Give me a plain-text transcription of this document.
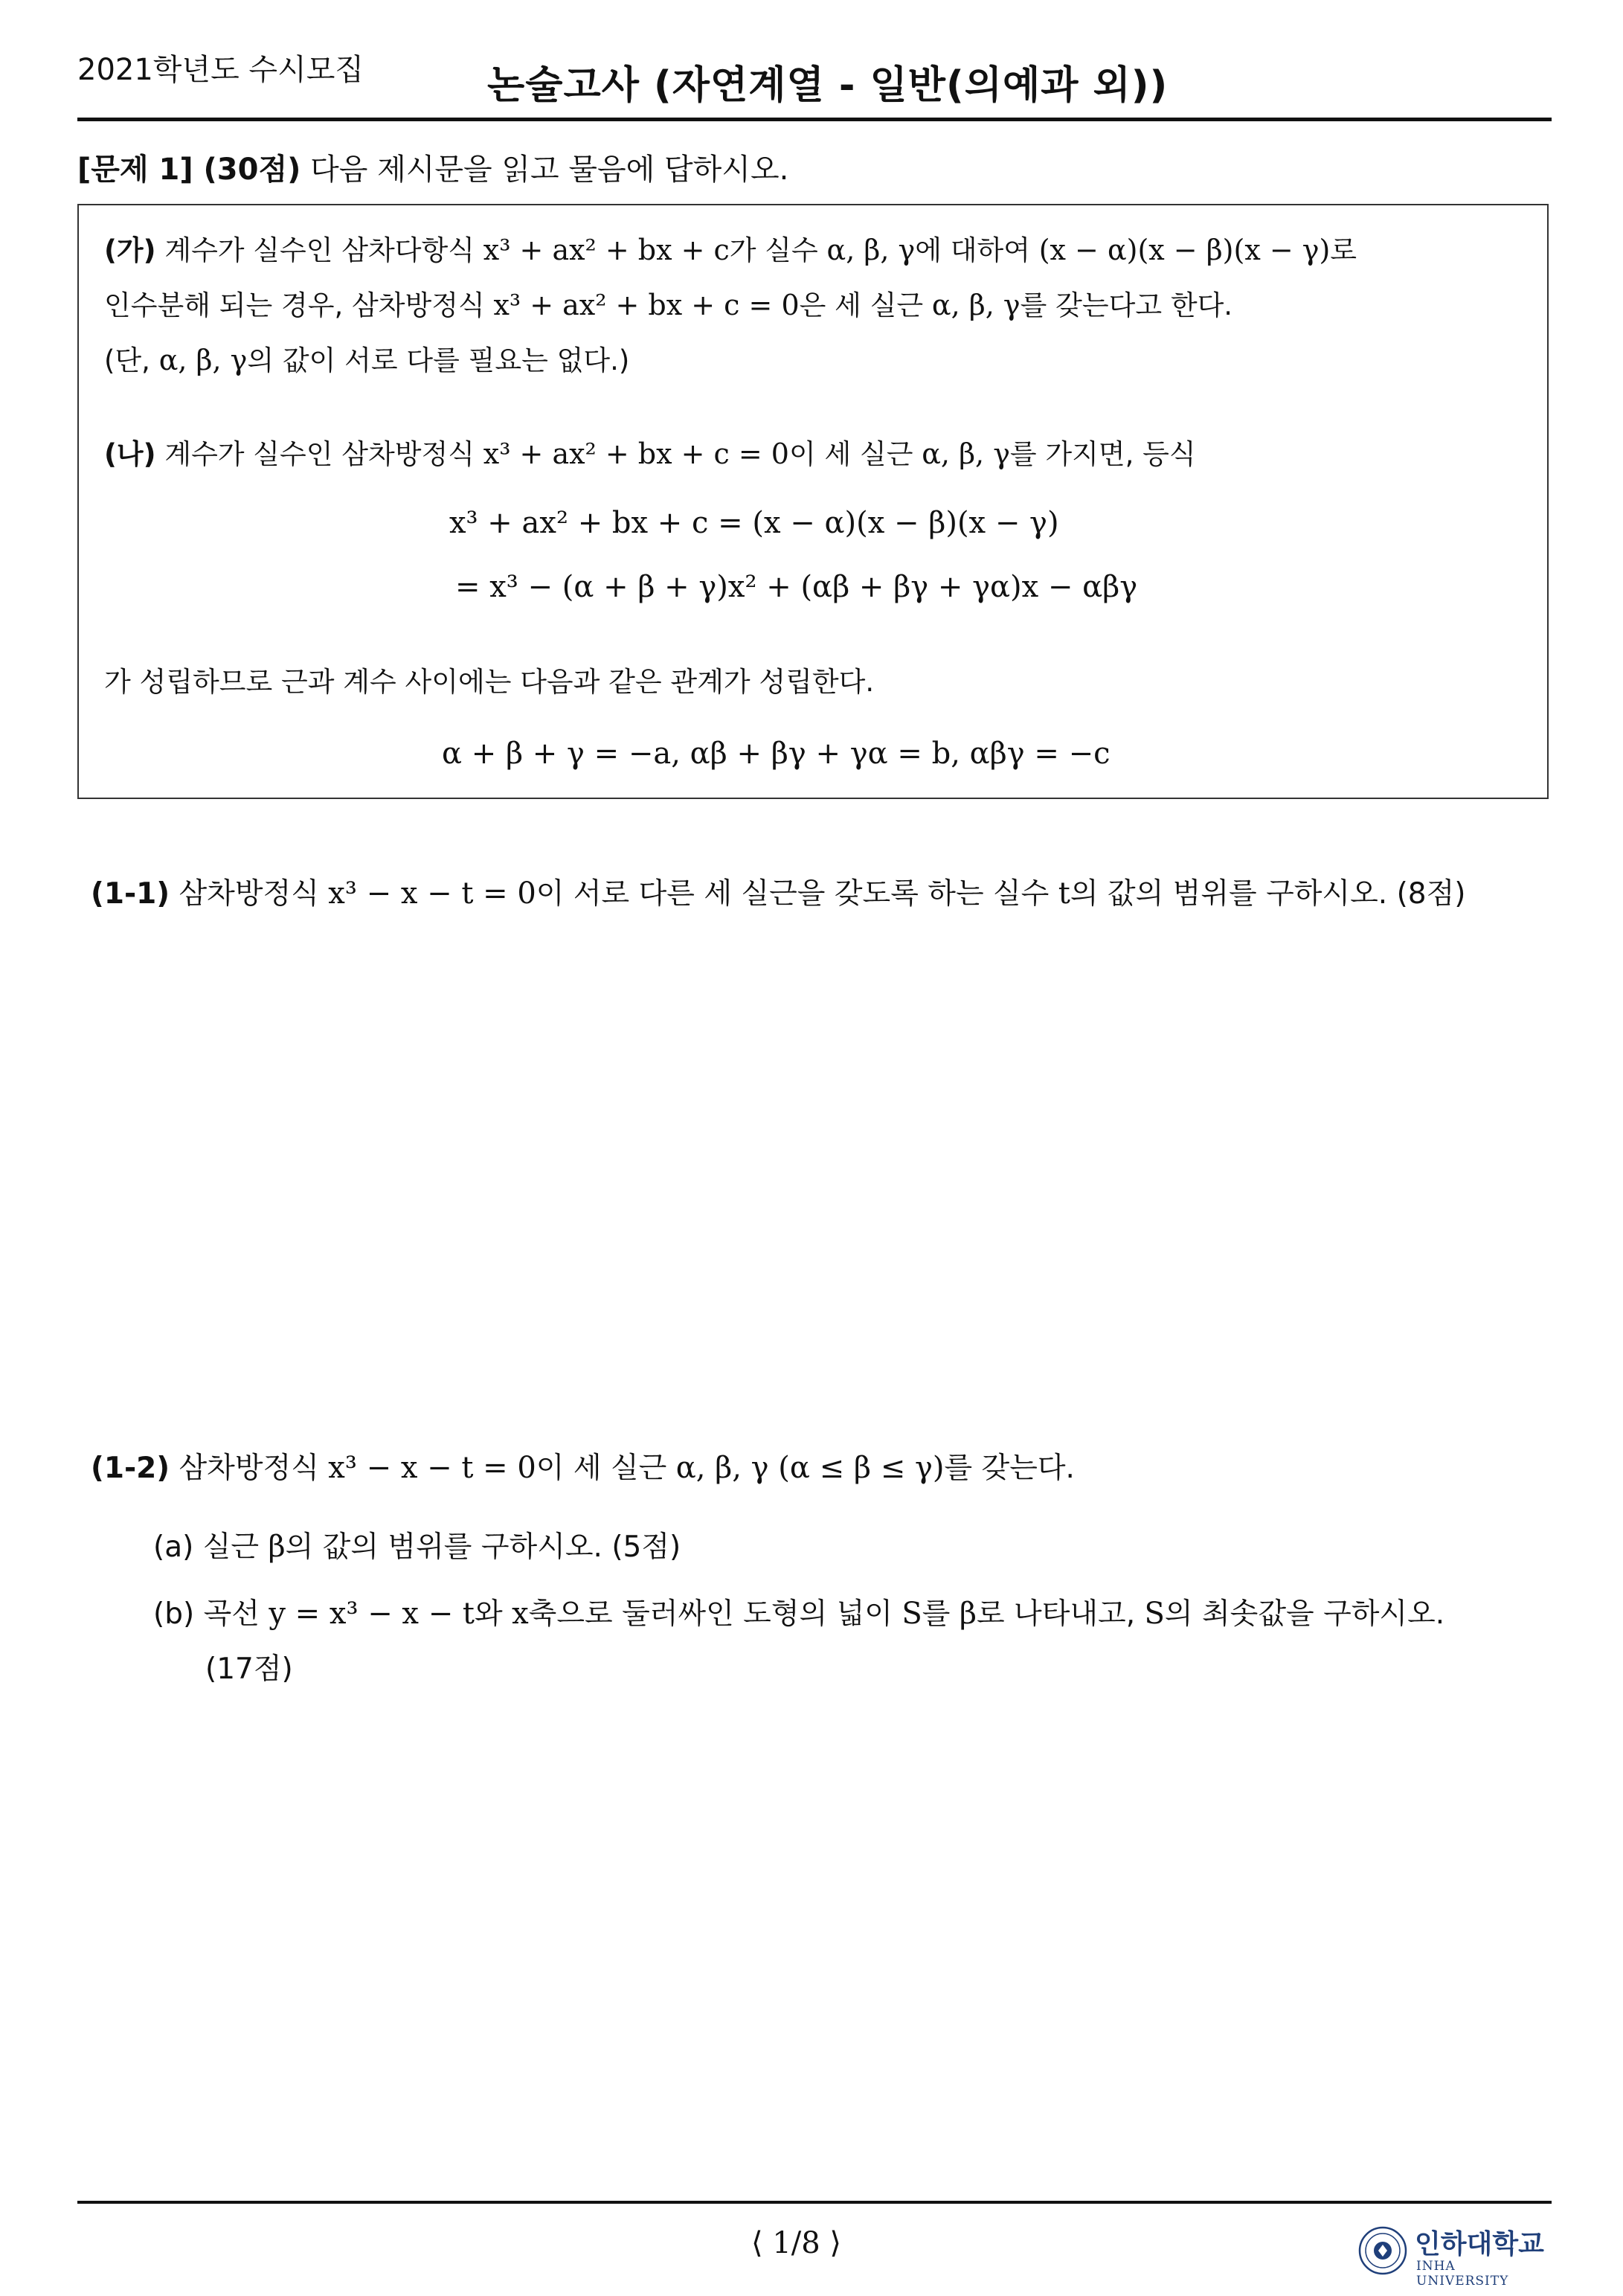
2021학년도 수시모집	논술고사 (자연계열 - 일반(의예과 외))
[문제 1] (30점) 다음 제시문을 읽고 물음에 답하시오.
(가) 계수가 실수인 삼차다항식 x³ + ax² + bx + c가 실수 α, β, γ에 대하여 (x − α)(x − β)(x − γ)로
인수분해 되는 경우, 삼차방정식 x³ + ax² + bx + c = 0은 세 실근 α, β, γ를 갖는다고 한다.
(단, α, β, γ의 값이 서로 다를 필요는 없다.)
(나) 계수가 실수인 삼차방정식 x³ + ax² + bx + c = 0이 세 실근 α, β, γ를 가지면, 등식
x³ + ax² + bx + c = (x − α)(x − β)(x − γ)
= x³ − (α + β + γ)x² + (αβ + βγ + γα)x − αβγ
가 성립하므로 근과 계수 사이에는 다음과 같은 관계가 성립한다.
α + β + γ = −a, αβ + βγ + γα = b, αβγ = −c
(1-1) 삼차방정식 x³ − x − t = 0이 서로 다른 세 실근을 갖도록 하는 실수 t의 값의 범위를 구하시오. (8점)
(1-2) 삼차방정식 x³ − x − t = 0이 세 실근 α, β, γ (α ≤ β ≤ γ)를 갖는다.
(a) 실근 β의 값의 범위를 구하시오. (5점)
(b) 곡선 y = x³ − x − t와 x축으로 둘러싸인 도형의 넓이 S를 β로 나타내고, S의 최솟값을 구하시오.
(17점)
⟨ 1/8 ⟩	인하대학교
INHA UNIVERSITY
